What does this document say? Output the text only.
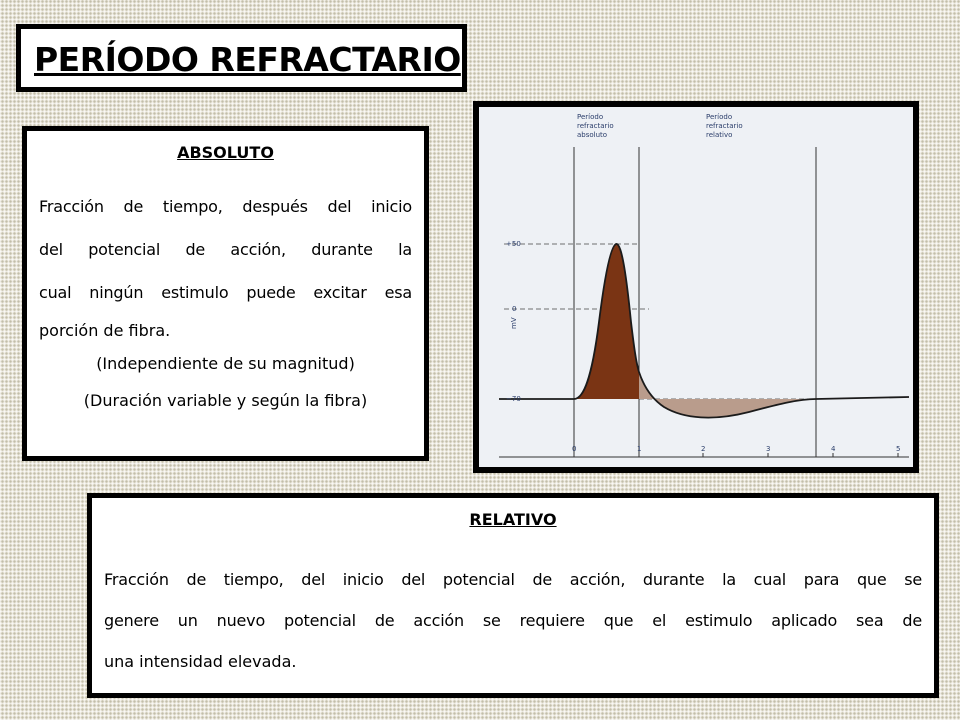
PERÍODO REFRACTARIO

ABSOLUTO

Fracción de tiempo, después del inicio

del potencial de acción, durante la

cual ningún estimulo puede excitar esa

porción de fibra.

(Independiente de su magnitud)

(Duración variable y según la fibra)

0	1	2	3	4	5
+50
0
−70
mV
Período
refractario
absoluto
Período
refractario
relativo

RELATIVO

Fracción de tiempo, del inicio del potencial de acción, durante la cual para que se

genere un nuevo potencial de acción se requiere que el estimulo aplicado sea de

una intensidad elevada.
